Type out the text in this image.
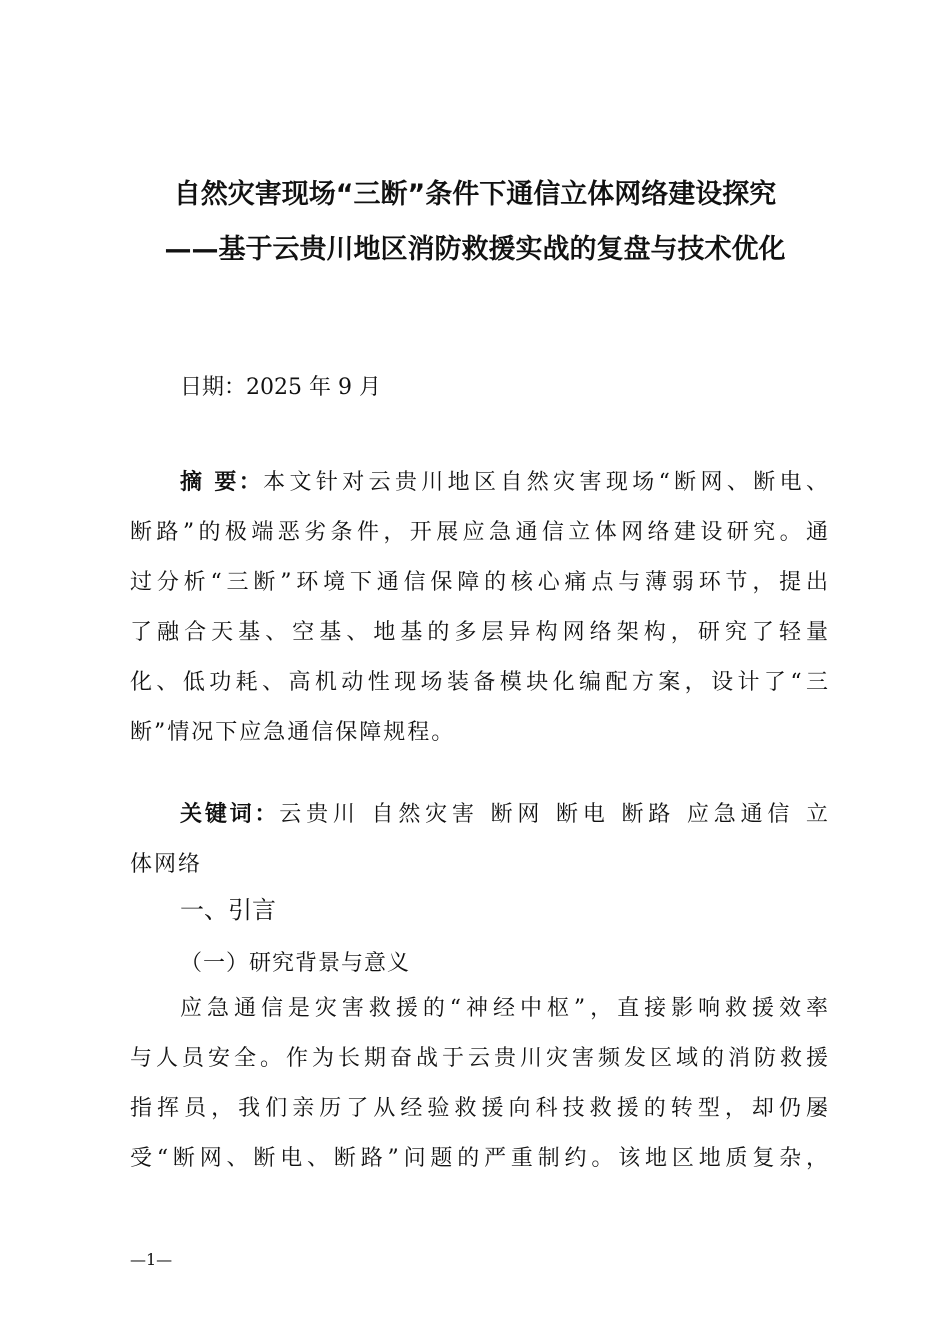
自然灾害现场“三断”条件下通信立体网络建设探究
——基于云贵川地区消防救援实战的复盘与技术优化
日期：2025 年 9 月
摘 要：本文针对云贵川地区自然灾害现场“断网、断电、
断路”的极端恶劣条件，开展应急通信立体网络建设研究。通
过分析“三断”环境下通信保障的核心痛点与薄弱环节，提出
了融合天基、空基、地基的多层异构网络架构，研究了轻量
化、低功耗、高机动性现场装备模块化编配方案，设计了“三
断”情况下应急通信保障规程。
关键词：云贵川 自然灾害 断网 断电 断路 应急通信 立
体网络
一、引言
（一）研究背景与意义
应急通信是灾害救援的“神经中枢”，直接影响救援效率
与人员安全。作为长期奋战于云贵川灾害频发区域的消防救援
指挥员，我们亲历了从经验救援向科技救援的转型，却仍屡
受“断网、断电、断路”问题的严重制约。该地区地质复杂，
—1—
